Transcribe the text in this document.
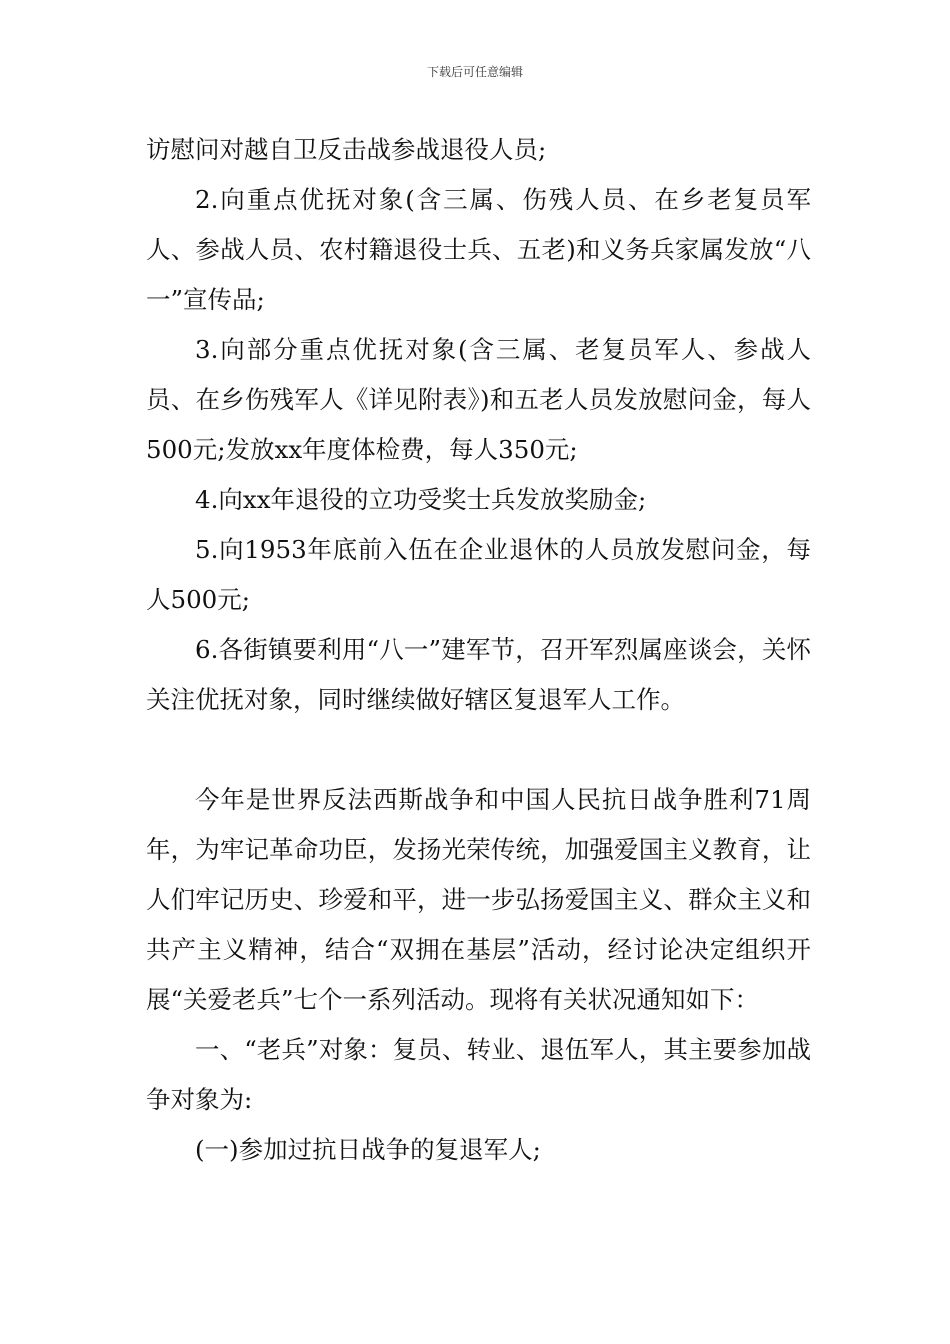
下载后可任意编辑

访慰问对越自卫反击战参战退役人员;

2.向重点优抚对象(含三属、伤残人员、在乡老复员军人、参战人员、农村籍退役士兵、五老)和义务兵家属发放“八一”宣传品;

3.向部分重点优抚对象(含三属、老复员军人、参战人员、在乡伤残军人《详见附表》)和五老人员发放慰问金，每人500元;发放xx年度体检费，每人350元;

4.向xx年退役的立功受奖士兵发放奖励金;

5.向1953年底前入伍在企业退休的人员放发慰问金，每人500元;

6.各街镇要利用“八一”建军节，召开军烈属座谈会，关怀关注优抚对象，同时继续做好辖区复退军人工作。

今年是世界反法西斯战争和中国人民抗日战争胜利71周年，为牢记革命功臣，发扬光荣传统，加强爱国主义教育，让人们牢记历史、珍爱和平，进一步弘扬爱国主义、群众主义和共产主义精神，结合“双拥在基层”活动，经讨论决定组织开展“关爱老兵”七个一系列活动。现将有关状况通知如下：

一、“老兵”对象：复员、转业、退伍军人，其主要参加战争对象为:

(一)参加过抗日战争的复退军人;
